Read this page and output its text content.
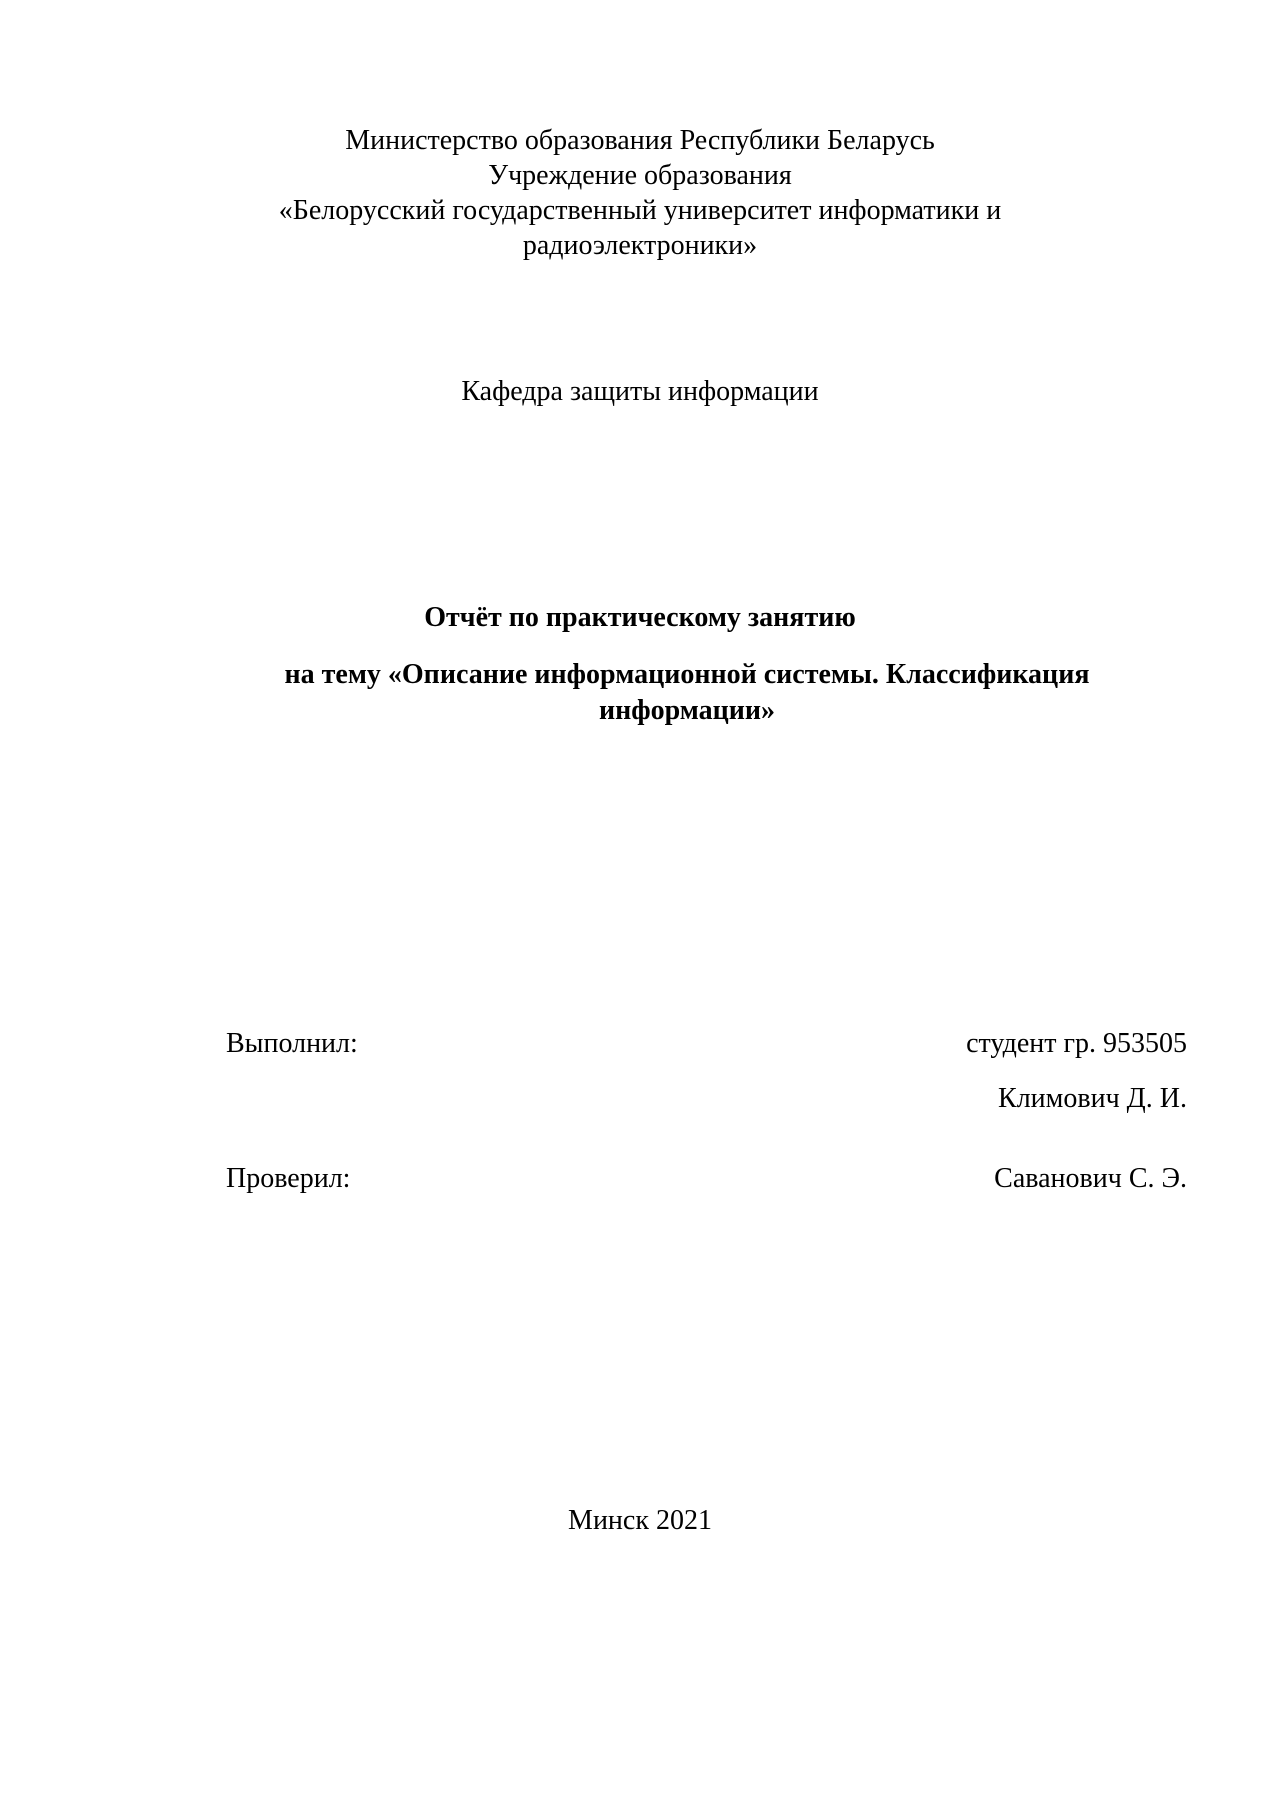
Министерство образования Республики Беларусь
Учреждение образования
«Белорусский государственный университет информатики и
радиоэлектроники»
Кафедра защиты информации
Отчёт по практическому занятию
на тему «Описание информационной системы. Классификация
информации»
Выполнил:	студент гр. 953505
Климович Д. И.
Проверил:	Саванович С. Э.
Минск 2021
